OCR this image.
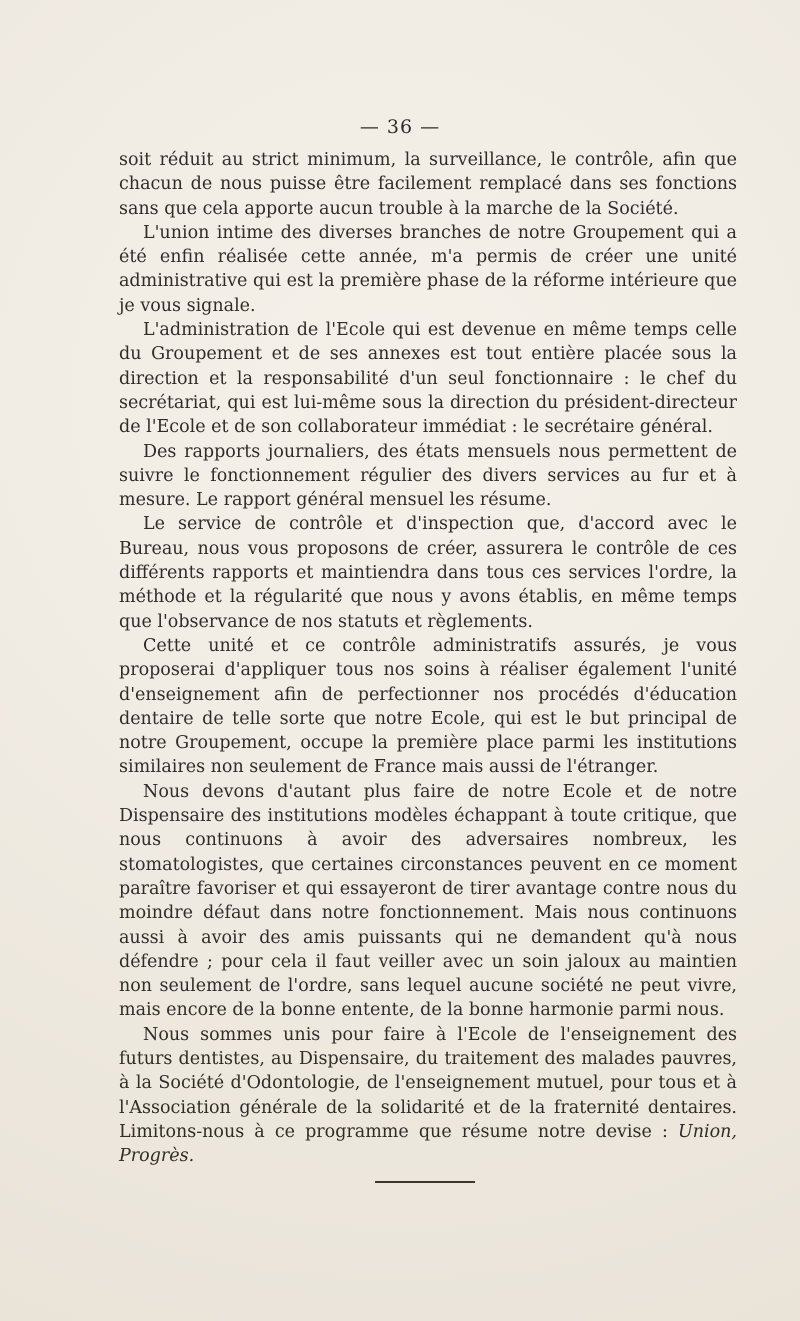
— 36 —

soit réduit au strict minimum, la surveillance, le contrôle, afin que chacun de nous puisse être facilement remplacé dans ses fonctions sans que cela apporte aucun trouble à la marche de la Société.

L'union intime des diverses branches de notre Groupement qui a été enfin réalisée cette année, m'a permis de créer une unité administrative qui est la première phase de la réforme intérieure que je vous signale.

L'administration de l'Ecole qui est devenue en même temps celle du Groupement et de ses annexes est tout entière placée sous la direction et la responsabilité d'un seul fonctionnaire : le chef du secrétariat, qui est lui-même sous la direction du président-directeur de l'Ecole et de son collaborateur immédiat : le secrétaire général.

Des rapports journaliers, des états mensuels nous permettent de suivre le fonctionnement régulier des divers services au fur et à mesure. Le rapport général mensuel les résume.

Le service de contrôle et d'inspection que, d'accord avec le Bureau, nous vous proposons de créer, assurera le contrôle de ces différents rapports et maintiendra dans tous ces services l'ordre, la méthode et la régularité que nous y avons établis, en même temps que l'observance de nos statuts et règlements.

Cette unité et ce contrôle administratifs assurés, je vous proposerai d'appliquer tous nos soins à réaliser également l'unité d'enseignement afin de perfectionner nos procédés d'éducation dentaire de telle sorte que notre Ecole, qui est le but principal de notre Groupement, occupe la première place parmi les institutions similaires non seulement de France mais aussi de l'étranger.

Nous devons d'autant plus faire de notre Ecole et de notre Dispensaire des institutions modèles échappant à toute critique, que nous continuons à avoir des adversaires nombreux, les stomatologistes, que certaines circonstances peuvent en ce moment paraître favoriser et qui essayeront de tirer avantage contre nous du moindre défaut dans notre fonctionnement. Mais nous continuons aussi à avoir des amis puissants qui ne demandent qu'à nous défendre ; pour cela il faut veiller avec un soin jaloux au maintien non seulement de l'ordre, sans lequel aucune société ne peut vivre, mais encore de la bonne entente, de la bonne harmonie parmi nous.

Nous sommes unis pour faire à l'Ecole de l'enseignement des futurs dentistes, au Dispensaire, du traitement des malades pauvres, à la Société d'Odontologie, de l'enseignement mutuel, pour tous et à l'Association générale de la solidarité et de la fraternité dentaires. Limitons-nous à ce programme que résume notre devise : Union, Progrès.
